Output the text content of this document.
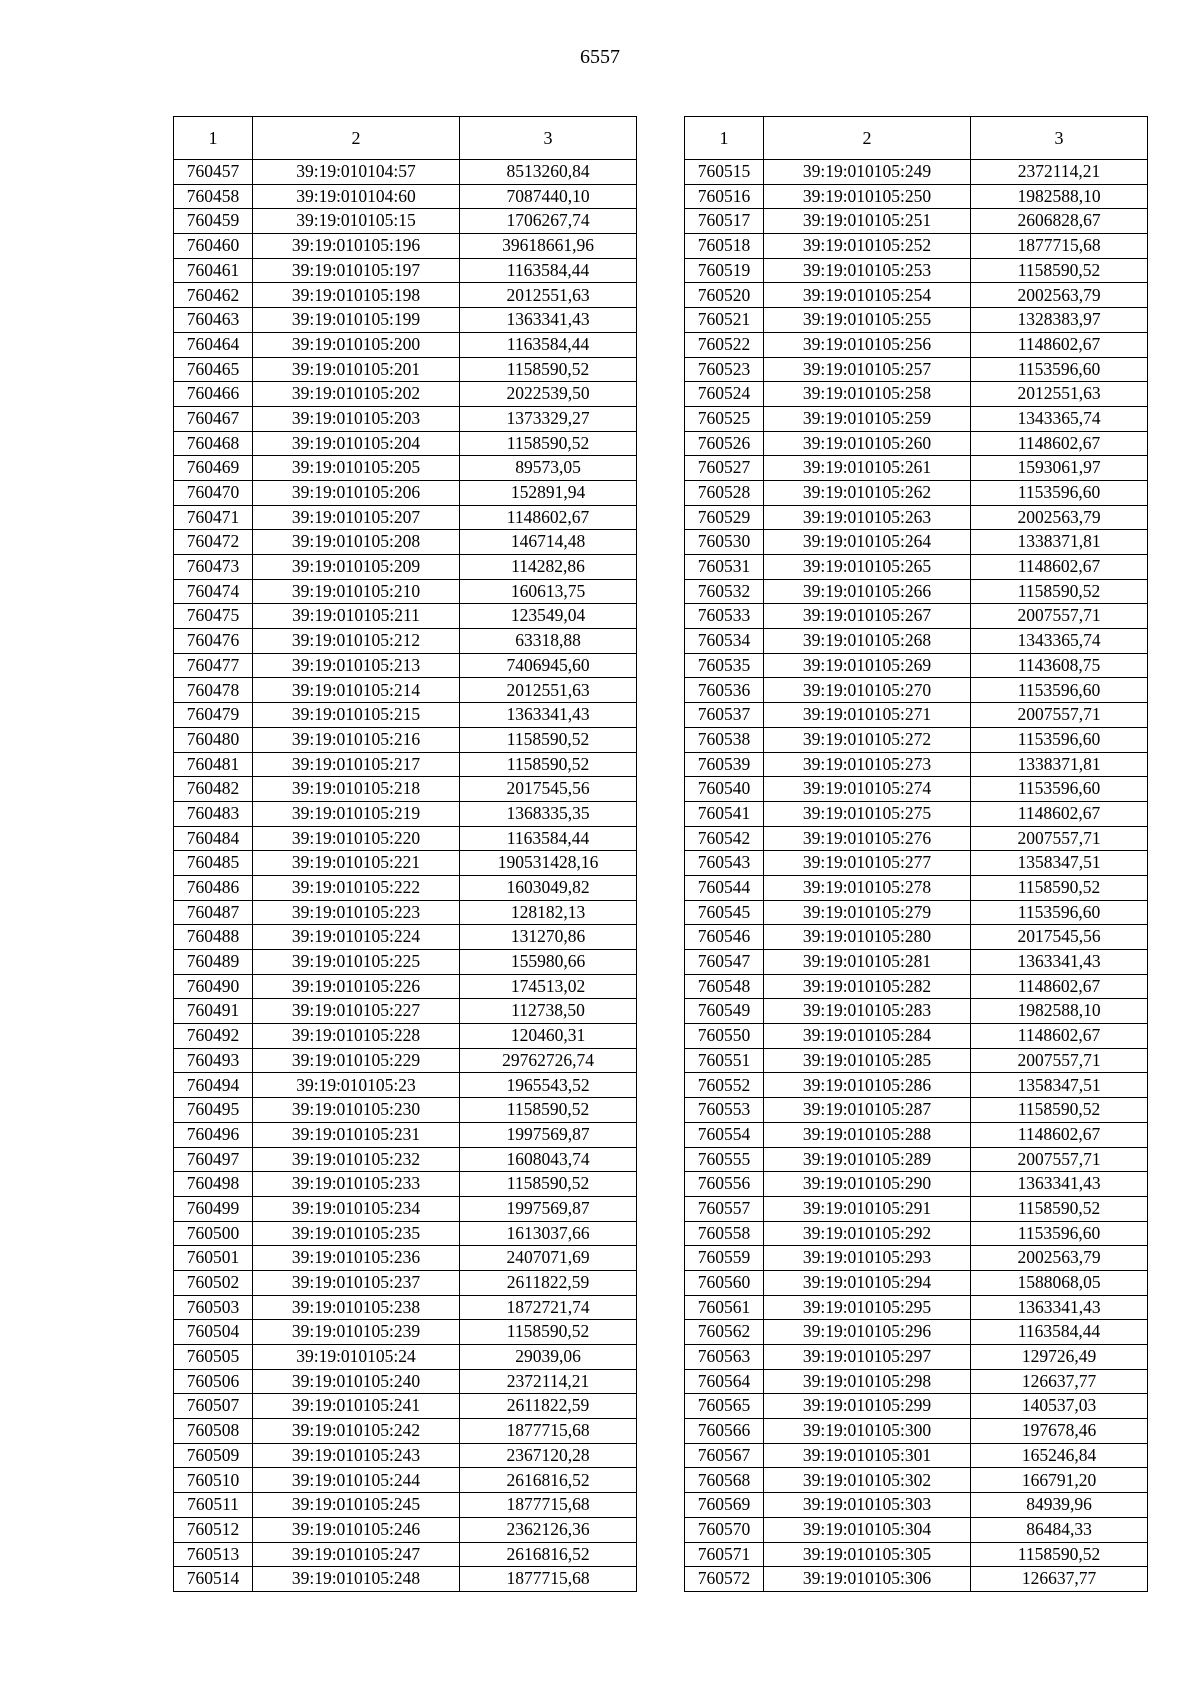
6557
1	2	3
760457	39:19:010104:57	8513260,84
760458	39:19:010104:60	7087440,10
760459	39:19:010105:15	1706267,74
760460	39:19:010105:196	39618661,96
760461	39:19:010105:197	1163584,44
760462	39:19:010105:198	2012551,63
760463	39:19:010105:199	1363341,43
760464	39:19:010105:200	1163584,44
760465	39:19:010105:201	1158590,52
760466	39:19:010105:202	2022539,50
760467	39:19:010105:203	1373329,27
760468	39:19:010105:204	1158590,52
760469	39:19:010105:205	89573,05
760470	39:19:010105:206	152891,94
760471	39:19:010105:207	1148602,67
760472	39:19:010105:208	146714,48
760473	39:19:010105:209	114282,86
760474	39:19:010105:210	160613,75
760475	39:19:010105:211	123549,04
760476	39:19:010105:212	63318,88
760477	39:19:010105:213	7406945,60
760478	39:19:010105:214	2012551,63
760479	39:19:010105:215	1363341,43
760480	39:19:010105:216	1158590,52
760481	39:19:010105:217	1158590,52
760482	39:19:010105:218	2017545,56
760483	39:19:010105:219	1368335,35
760484	39:19:010105:220	1163584,44
760485	39:19:010105:221	190531428,16
760486	39:19:010105:222	1603049,82
760487	39:19:010105:223	128182,13
760488	39:19:010105:224	131270,86
760489	39:19:010105:225	155980,66
760490	39:19:010105:226	174513,02
760491	39:19:010105:227	112738,50
760492	39:19:010105:228	120460,31
760493	39:19:010105:229	29762726,74
760494	39:19:010105:23	1965543,52
760495	39:19:010105:230	1158590,52
760496	39:19:010105:231	1997569,87
760497	39:19:010105:232	1608043,74
760498	39:19:010105:233	1158590,52
760499	39:19:010105:234	1997569,87
760500	39:19:010105:235	1613037,66
760501	39:19:010105:236	2407071,69
760502	39:19:010105:237	2611822,59
760503	39:19:010105:238	1872721,74
760504	39:19:010105:239	1158590,52
760505	39:19:010105:24	29039,06
760506	39:19:010105:240	2372114,21
760507	39:19:010105:241	2611822,59
760508	39:19:010105:242	1877715,68
760509	39:19:010105:243	2367120,28
760510	39:19:010105:244	2616816,52
760511	39:19:010105:245	1877715,68
760512	39:19:010105:246	2362126,36
760513	39:19:010105:247	2616816,52
760514	39:19:010105:248	1877715,68
1	2	3
760515	39:19:010105:249	2372114,21
760516	39:19:010105:250	1982588,10
760517	39:19:010105:251	2606828,67
760518	39:19:010105:252	1877715,68
760519	39:19:010105:253	1158590,52
760520	39:19:010105:254	2002563,79
760521	39:19:010105:255	1328383,97
760522	39:19:010105:256	1148602,67
760523	39:19:010105:257	1153596,60
760524	39:19:010105:258	2012551,63
760525	39:19:010105:259	1343365,74
760526	39:19:010105:260	1148602,67
760527	39:19:010105:261	1593061,97
760528	39:19:010105:262	1153596,60
760529	39:19:010105:263	2002563,79
760530	39:19:010105:264	1338371,81
760531	39:19:010105:265	1148602,67
760532	39:19:010105:266	1158590,52
760533	39:19:010105:267	2007557,71
760534	39:19:010105:268	1343365,74
760535	39:19:010105:269	1143608,75
760536	39:19:010105:270	1153596,60
760537	39:19:010105:271	2007557,71
760538	39:19:010105:272	1153596,60
760539	39:19:010105:273	1338371,81
760540	39:19:010105:274	1153596,60
760541	39:19:010105:275	1148602,67
760542	39:19:010105:276	2007557,71
760543	39:19:010105:277	1358347,51
760544	39:19:010105:278	1158590,52
760545	39:19:010105:279	1153596,60
760546	39:19:010105:280	2017545,56
760547	39:19:010105:281	1363341,43
760548	39:19:010105:282	1148602,67
760549	39:19:010105:283	1982588,10
760550	39:19:010105:284	1148602,67
760551	39:19:010105:285	2007557,71
760552	39:19:010105:286	1358347,51
760553	39:19:010105:287	1158590,52
760554	39:19:010105:288	1148602,67
760555	39:19:010105:289	2007557,71
760556	39:19:010105:290	1363341,43
760557	39:19:010105:291	1158590,52
760558	39:19:010105:292	1153596,60
760559	39:19:010105:293	2002563,79
760560	39:19:010105:294	1588068,05
760561	39:19:010105:295	1363341,43
760562	39:19:010105:296	1163584,44
760563	39:19:010105:297	129726,49
760564	39:19:010105:298	126637,77
760565	39:19:010105:299	140537,03
760566	39:19:010105:300	197678,46
760567	39:19:010105:301	165246,84
760568	39:19:010105:302	166791,20
760569	39:19:010105:303	84939,96
760570	39:19:010105:304	86484,33
760571	39:19:010105:305	1158590,52
760572	39:19:010105:306	126637,77
